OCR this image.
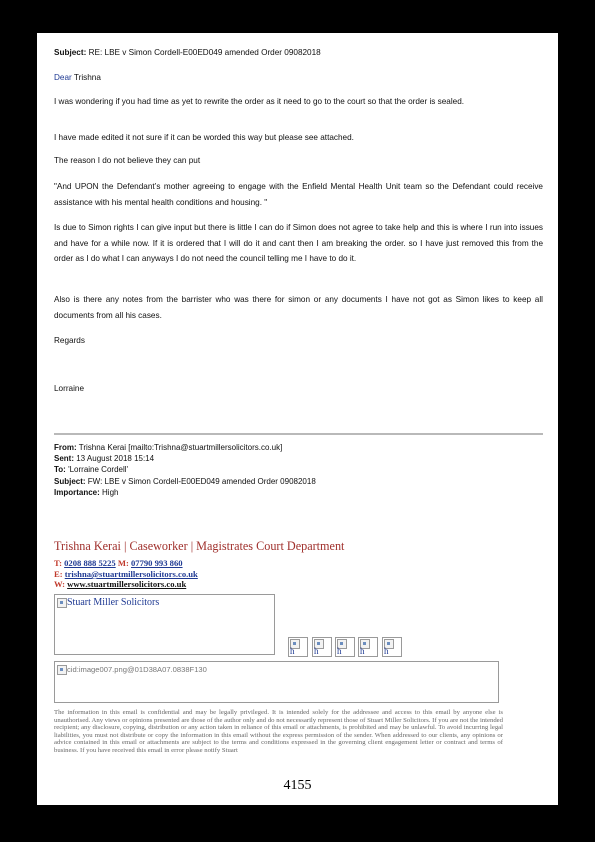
Subject: RE: LBE v Simon Cordell-E00ED049 amended Order 09082018
Dear Trishna
I was wondering if you had time as yet to rewrite the order as it need to go to the court so that the order is sealed.
I have made edited it not sure if it can be worded this way but please see attached.
The reason I do not believe they can put
"And UPON the Defendant’s mother agreeing to engage with the Enfield Mental Health Unit team so the Defendant could receive assistance with his mental health conditions and housing. "
Is due to Simon rights I can give input but there is little I can do if Simon does not agree to take help and this is where I run into issues and have for a while now. If it is ordered that I will do it and cant then I am breaking the order. so I have just removed this from the order as I do what I can anyways I do not need the council telling me I have to do it.
Also is there any notes from the barrister who was there for simon or any documents I have not got as Simon likes to keep all documents from all his cases.
Regards
Lorraine
From: Trishna Kerai [mailto:Trishna@stuartmillersolicitors.co.uk]
Sent: 13 August 2018 15:14
To: 'Lorraine Cordell'
Subject: FW: LBE v Simon Cordell-E00ED049 amended Order 09082018
Importance: High
Trishna Kerai | Caseworker | Magistrates Court Department
T: 0208 888 5225 M: 07790 993 860
E: trishna@stuartmillersolicitors.co.uk
W: www.stuartmillersolicitors.co.uk
Stuart Miller Solicitors
h h h h h
cid:image007.png@01D38A07.0838F130
The information in this email is confidential and may be legally privileged. It is intended solely for the addressee and access to this email by anyone else is unauthorised. Any views or opinions presented are those of the author only and do not necessarily represent those of Stuart Miller Solicitors. If you are not the intended recipient; any disclosure, copying, distribution or any action taken in reliance of this email or attachments, is prohibited and may be unlawful. To avoid incurring legal liabilities, you must not distribute or copy the information in this email without the express permission of the sender. When addressed to our clients, any opinions or advice contained in this email or attachments are subject to the terms and conditions expressed in the governing client engagement letter or contract and terms of business. If you have received this email in error please notify Stuart
4155
